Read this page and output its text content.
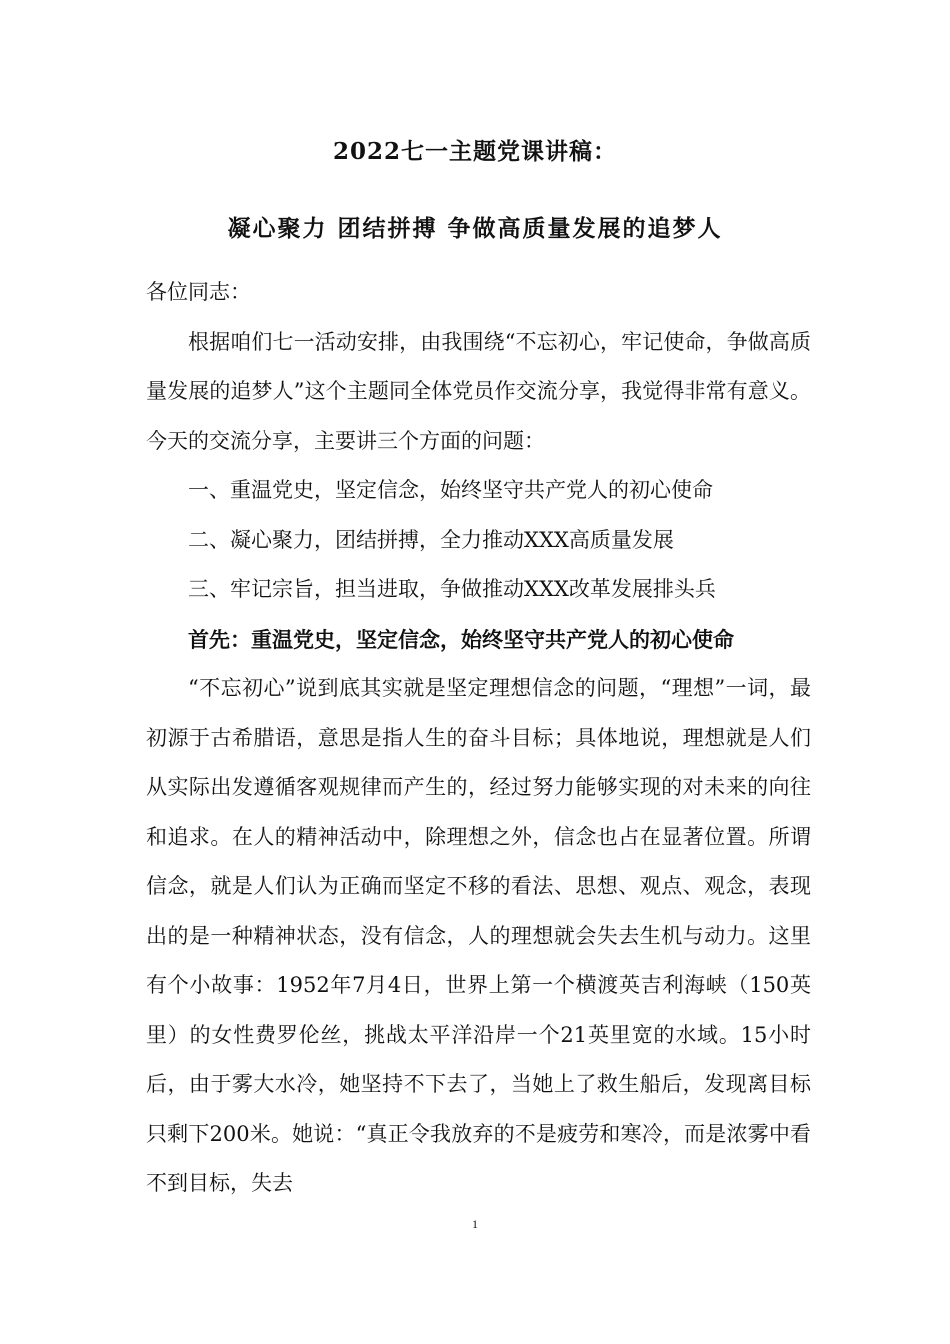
2022七一主题党课讲稿：
凝心聚力 团结拼搏 争做高质量发展的追梦人

各位同志：

根据咱们七一活动安排，由我围绕“不忘初心，牢记使命，争做高质量发展的追梦人”这个主题同全体党员作交流分享，我觉得非常有意义。今天的交流分享，主要讲三个方面的问题：

一、重温党史，坚定信念，始终坚守共产党人的初心使命

二、凝心聚力，团结拼搏，全力推动XXX高质量发展

三、牢记宗旨，担当进取，争做推动XXX改革发展排头兵

首先：重温党史，坚定信念，始终坚守共产党人的初心使命

“不忘初心”说到底其实就是坚定理想信念的问题，“理想”一词，最初源于古希腊语，意思是指人生的奋斗目标；具体地说，理想就是人们从实际出发遵循客观规律而产生的，经过努力能够实现的对未来的向往和追求。在人的精神活动中，除理想之外，信念也占在显著位置。所谓信念，就是人们认为正确而坚定不移的看法、思想、观点、观念，表现出的是一种精神状态，没有信念，人的理想就会失去生机与动力。这里有个小故事：1952年7月4日，世界上第一个横渡英吉利海峡（150英里）的女性费罗伦丝，挑战太平洋沿岸一个21英里宽的水域。15小时后，由于雾大水冷，她坚持不下去了，当她上了救生船后，发现离目标只剩下200米。她说：“真正令我放弃的不是疲劳和寒冷，而是浓雾中看不到目标，失去

1
